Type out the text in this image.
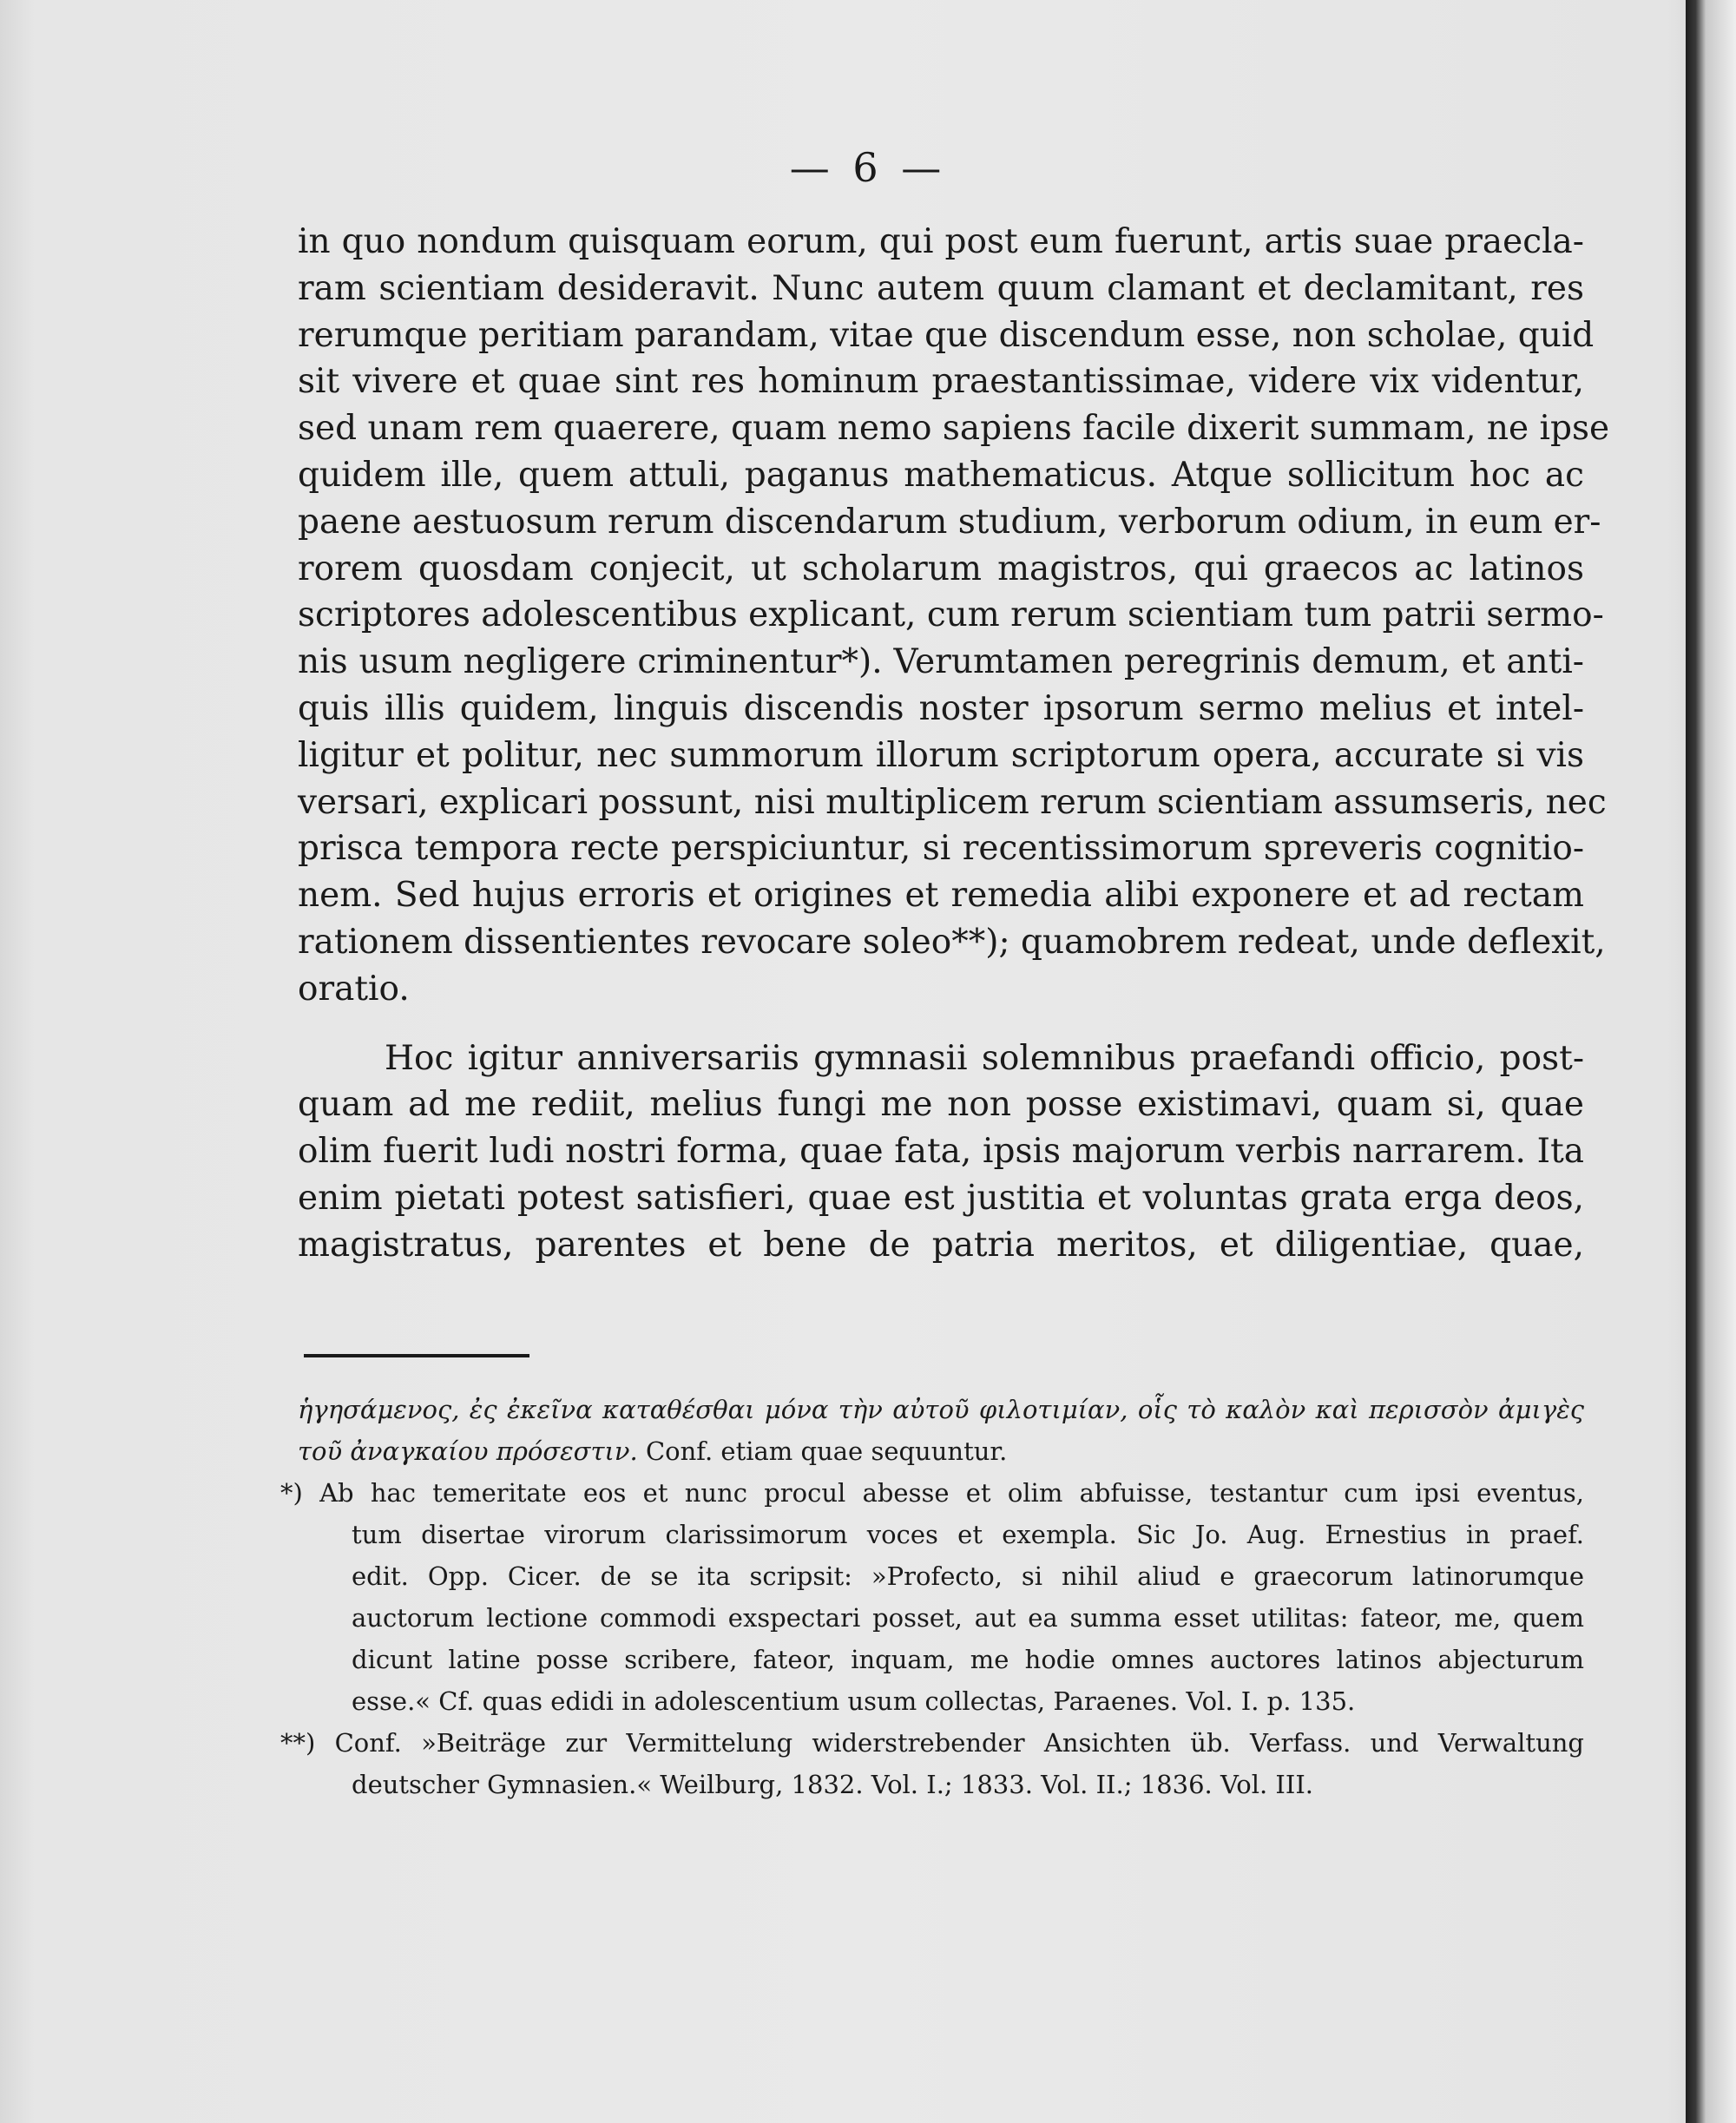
— 6 —
in quo nondum quisquam eorum, qui post eum fuerunt, artis suae praecla-
ram scientiam desideravit. Nunc autem quum clamant et declamitant, res
rerumque peritiam parandam, vitae que discendum esse, non scholae, quid
sit vivere et quae sint res hominum praestantissimae, videre vix videntur,
sed unam rem quaerere, quam nemo sapiens facile dixerit summam, ne ipse
quidem ille, quem attuli, paganus mathematicus. Atque sollicitum hoc ac
paene aestuosum rerum discendarum studium, verborum odium, in eum er-
rorem quosdam conjecit, ut scholarum magistros, qui graecos ac latinos
scriptores adolescentibus explicant, cum rerum scientiam tum patrii sermo-
nis usum negligere criminentur*). Verumtamen peregrinis demum, et anti-
quis illis quidem, linguis discendis noster ipsorum sermo melius et intel-
ligitur et politur, nec summorum illorum scriptorum opera, accurate si vis
versari, explicari possunt, nisi multiplicem rerum scientiam assumseris, nec
prisca tempora recte perspiciuntur, si recentissimorum spreveris cognitio-
nem. Sed hujus erroris et origines et remedia alibi exponere et ad rectam
rationem dissentientes revocare soleo**); quamobrem redeat, unde deflexit,
oratio.
Hoc igitur anniversariis gymnasii solemnibus praefandi officio, post-
quam ad me rediit, melius fungi me non posse existimavi, quam si, quae
olim fuerit ludi nostri forma, quae fata, ipsis majorum verbis narrarem. Ita
enim pietati potest satisfieri, quae est justitia et voluntas grata erga deos,
magistratus, parentes et bene de patria meritos, et diligentiae, quae,
ἡγησάμενος, ἐς ἐκεῖνα καταθέσθαι μόνα τὴν αὐτοῦ φιλοτιμίαν, οἷς τὸ καλὸν καὶ περισσὸν ἀμιγὲς
τοῦ ἀναγκαίου πρόσεστιν. Conf. etiam quae sequuntur.
*) Ab hac temeritate eos et nunc procul abesse et olim abfuisse, testantur cum ipsi eventus,
tum disertae virorum clarissimorum voces et exempla. Sic Jo. Aug. Ernestius in praef.
edit. Opp. Cicer. de se ita scripsit: »Profecto, si nihil aliud e graecorum latinorumque
auctorum lectione commodi exspectari posset, aut ea summa esset utilitas: fateor, me, quem
dicunt latine posse scribere, fateor, inquam, me hodie omnes auctores latinos abjecturum
esse.« Cf. quas edidi in adolescentium usum collectas, Paraenes. Vol. I. p. 135.
**) Conf. »Beiträge zur Vermittelung widerstrebender Ansichten üb. Verfass. und Verwaltung
deutscher Gymnasien.« Weilburg, 1832. Vol. I.; 1833. Vol. II.; 1836. Vol. III.
